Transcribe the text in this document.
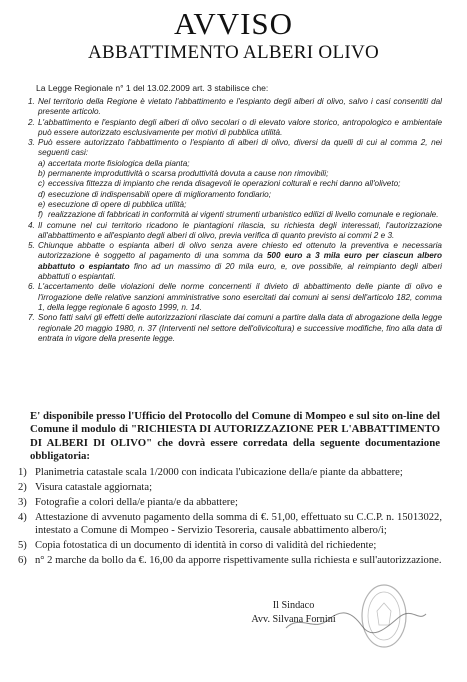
AVVISO
ABBATTIMENTO ALBERI OLIVO
La Legge Regionale n° 1 del 13.02.2009 art. 3 stabilisce che:
1. Nel territorio della Regione è vietato l'abbattimento e l'espianto degli alberi di olivo, salvo i casi consentiti dal presente articolo.
2. L'abbattimento e l'espianto degli alberi di olivo secolari o di elevato valore storico, antropologico e ambientale può essere autorizzato esclusivamente per motivi di pubblica utilità.
3. Può essere autorizzato l'abbattimento o l'espianto di alberi di olivo, diversi da quelli di cui al comma 2, nei seguenti casi:
a) accertata morte fisiologica della pianta;
b) permanente improduttività o scarsa produttività dovuta a cause non rimovibili;
c) eccessiva fittezza di impianto che renda disagevoli le operazioni colturali e rechi danno all'oliveto;
d) esecuzione di indispensabili opere di miglioramento fondiario;
e) esecuzione di opere di pubblica utilità;
f) realizzazione di fabbricati in conformità ai vigenti strumenti urbanistico edilizi di livello comunale e regionale.
4. Il comune nel cui territorio ricadono le piantagioni rilascia, su richiesta degli interessati, l'autorizzazione all'abbattimento e all'espianto degli alberi di olivo, previa verifica di quanto previsto ai commi 2 e 3.
5. Chiunque abbatte o espianta alberi di olivo senza avere chiesto ed ottenuto la preventiva e necessaria autorizzazione è soggetto al pagamento di una somma da 500 euro a 3 mila euro per ciascun albero abbattuto o espiantato fino ad un massimo di 20 mila euro, e, ove possibile, al reimpianto degli alberi abbattuti o espiantati.
6. L'accertamento delle violazioni delle norme concernenti il divieto di abbattimento delle piante di olivo e l'irrogazione delle relative sanzioni amministrative sono esercitati dai comuni ai sensi dell'articolo 182, comma 1, della legge regionale 6 agosto 1999, n. 14.
7. Sono fatti salvi gli effetti delle autorizzazioni rilasciate dai comuni a partire dalla data di abrogazione della legge regionale 20 maggio 1980, n. 37 (Interventi nel settore dell'olivicoltura) e successive modifiche, fino alla data di entrata in vigore della presente legge.
E' disponibile presso l'Ufficio del Protocollo del Comune di Mompeo e sul sito on-line del Comune il modulo di "RICHIESTA DI AUTORIZZAZIONE PER L'ABBATTIMENTO DI ALBERI DI OLIVO" che dovrà essere corredata della seguente documentazione obbligatoria:
1) Planimetria catastale scala 1/2000 con indicata l'ubicazione della/e piante da abbattere;
2) Visura catastale aggiornata;
3) Fotografie a colori della/e pianta/e da abbattere;
4) Attestazione di avvenuto pagamento della somma di €. 51,00, effettuato su C.C.P. n. 15013022, intestato a Comune di Mompeo - Servizio Tesoreria, causale abbattimento albero/i;
5) Copia fotostatica di un documento di identità in corso di validità del richiedente;
6) n° 2 marche da bollo da €. 16,00 da apporre rispettivamente sulla richiesta e sull'autorizzazione.
Il Sindaco
Avv. Silvana Fornini
